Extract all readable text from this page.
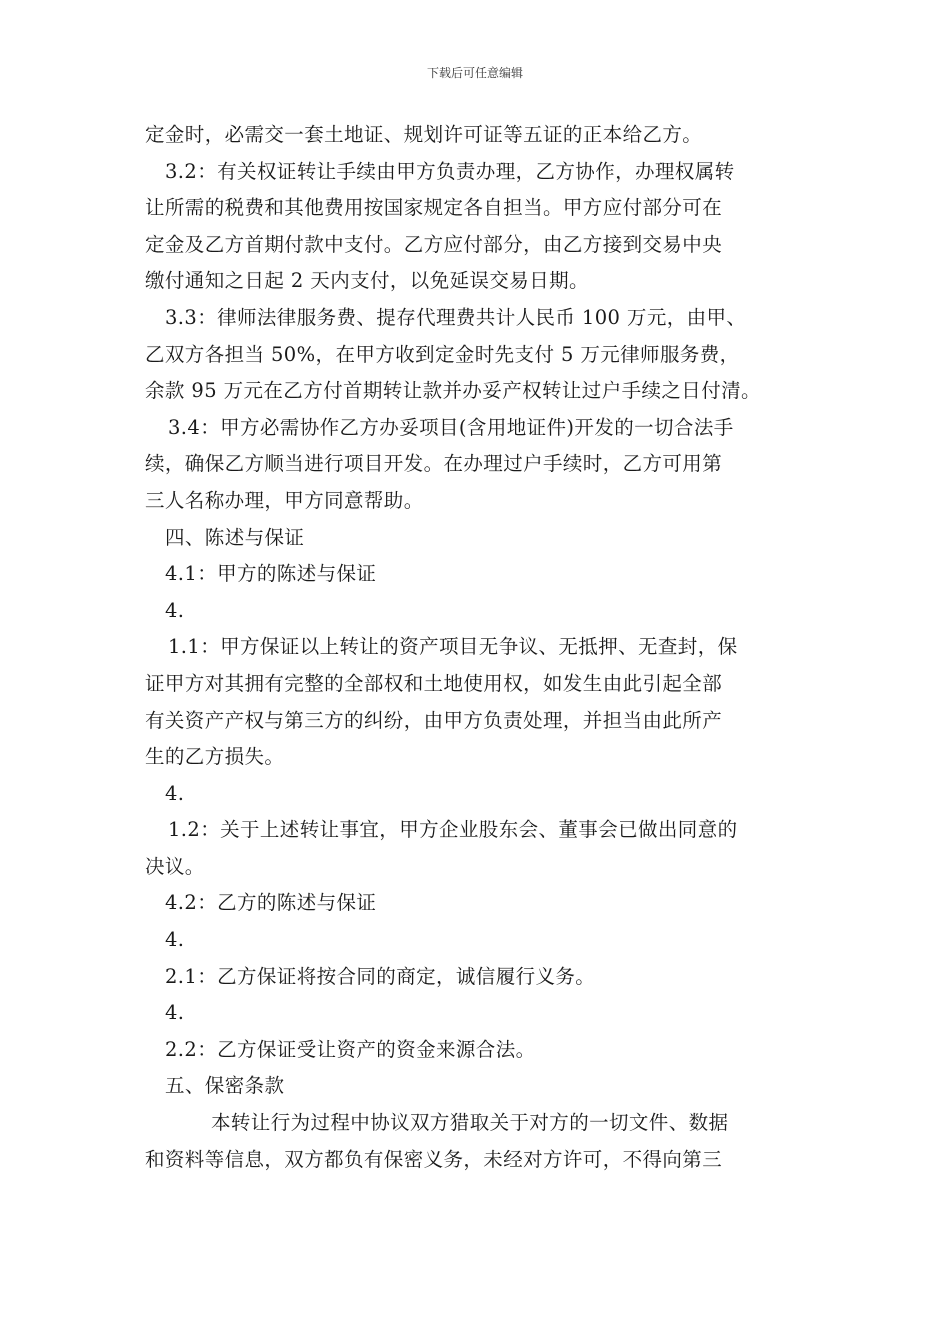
下载后可任意编辑
定金时，必需交一套土地证、规划许可证等五证的正本给乙方。
3.2：有关权证转让手续由甲方负责办理，乙方协作，办理权属转
让所需的税费和其他费用按国家规定各自担当。甲方应付部分可在
定金及乙方首期付款中支付。乙方应付部分，由乙方接到交易中央
缴付通知之日起 2 天内支付，以免延误交易日期。
3.3：律师法律服务费、提存代理费共计人民币 100 万元，由甲、
乙双方各担当 50%，在甲方收到定金时先支付 5 万元律师服务费，
余款 95 万元在乙方付首期转让款并办妥产权转让过户手续之日付清。
3.4：甲方必需协作乙方办妥项目(含用地证件)开发的一切合法手
续，确保乙方顺当进行项目开发。在办理过户手续时，乙方可用第
三人名称办理，甲方同意帮助。
四、陈述与保证
4.1：甲方的陈述与保证
4.
1.1：甲方保证以上转让的资产项目无争议、无抵押、无查封，保
证甲方对其拥有完整的全部权和土地使用权，如发生由此引起全部
有关资产产权与第三方的纠纷，由甲方负责处理，并担当由此所产
生的乙方损失。
4.
1.2：关于上述转让事宜，甲方企业股东会、董事会已做出同意的
决议。
4.2：乙方的陈述与保证
4.
2.1：乙方保证将按合同的商定，诚信履行义务。
4.
2.2：乙方保证受让资产的资金来源合法。
五、保密条款
本转让行为过程中协议双方猎取关于对方的一切文件、数据
和资料等信息，双方都负有保密义务，未经对方许可，不得向第三
